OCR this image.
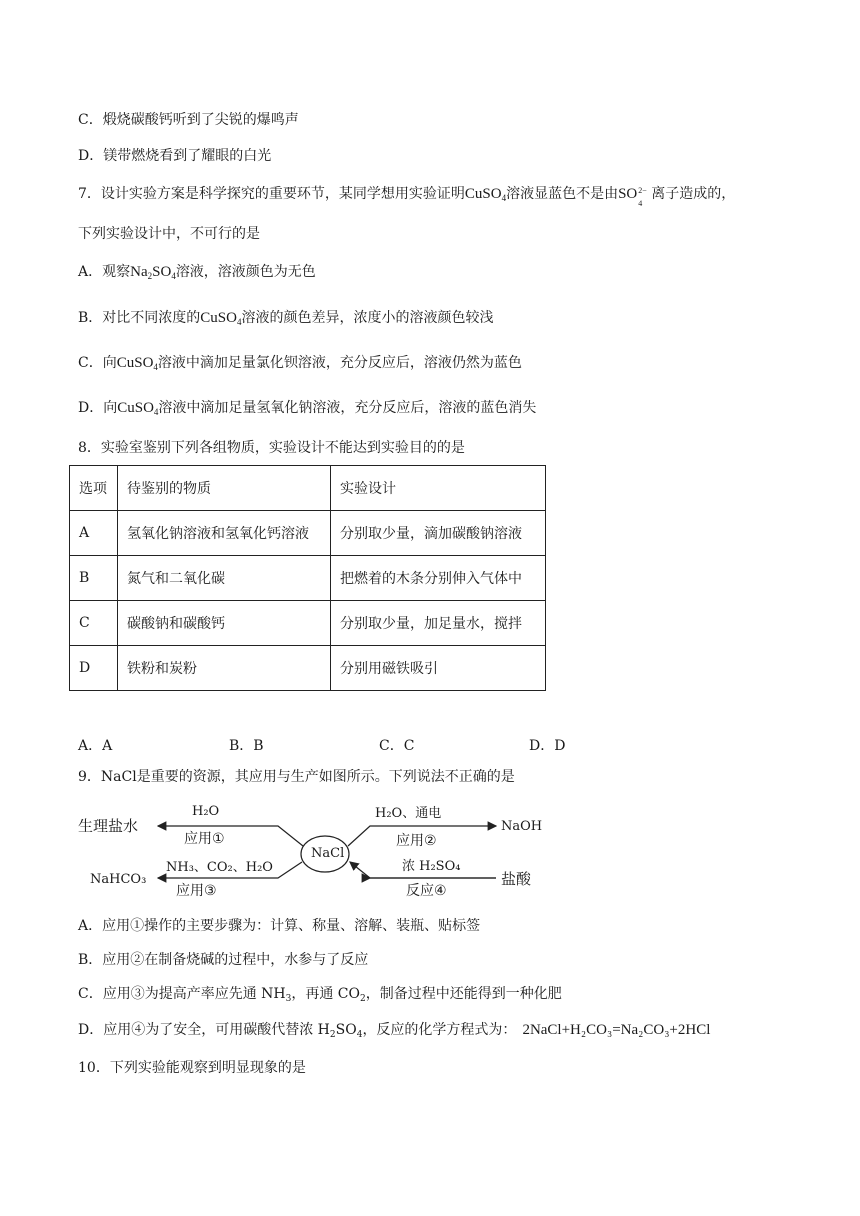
C．煅烧碳酸钙听到了尖锐的爆鸣声
D．镁带燃烧看到了耀眼的白光
7．设计实验方案是科学探究的重要环节，某同学想用实验证明CuSO$_4$溶液显蓝色不是由SO 2−
4
离子造成的，
下列实验设计中，不可行的是
A．观察$Na_2SO_4$溶液，溶液颜色为无色
B．对比不同浓度的CuSO$_4$溶液的颜色差异，浓度小的溶液颜色较浅
C．向CuSO$_4$溶液中滴加足量氯化钡溶液，充分反应后，溶液仍然为蓝色
D．向CuSO$_4$溶液中滴加足量氢氧化钠溶液，充分反应后，溶液的蓝色消失
8．实验室鉴别下列各组物质，实验设计不能达到实验目的的是
选项	待鉴别的物质	实验设计
A	氢氧化钠溶液和氢氧化钙溶液	分别取少量，滴加碳酸钠溶液
B	氮气和二氧化碳	把燃着的木条分别伸入气体中
C	碳酸钠和碳酸钙	分别取少量，加足量水，搅拌
D	铁粉和炭粉	分别用磁铁吸引
A．A	B．B	C．C	D．D
9．NaCl是重要的资源，其应用与生产如图所示。下列说法不正确的是
NaCl
生理盐水
H₂O
应用①
NaHCO₃
NH₃、CO₂、H₂O
应用③
NaOH
H₂O、通电
应用②
盐酸
浓 H₂SO₄
反应④
A．应用①操作的主要步骤为：计算、称量、溶解、装瓶、贴标签
B．应用②在制备烧碱的过程中，水参与了反应
C．应用③为提高产率应先通 $NH_3$，再通 $CO_2$，制备过程中还能得到一种化肥
D．应用④为了安全，可用碳酸代替浓 $H_2SO_4$，反应的化学方程式为： 2NaCl+H₂CO₃=Na₂CO₃+2HCl
10．下列实验能观察到明显现象的是
